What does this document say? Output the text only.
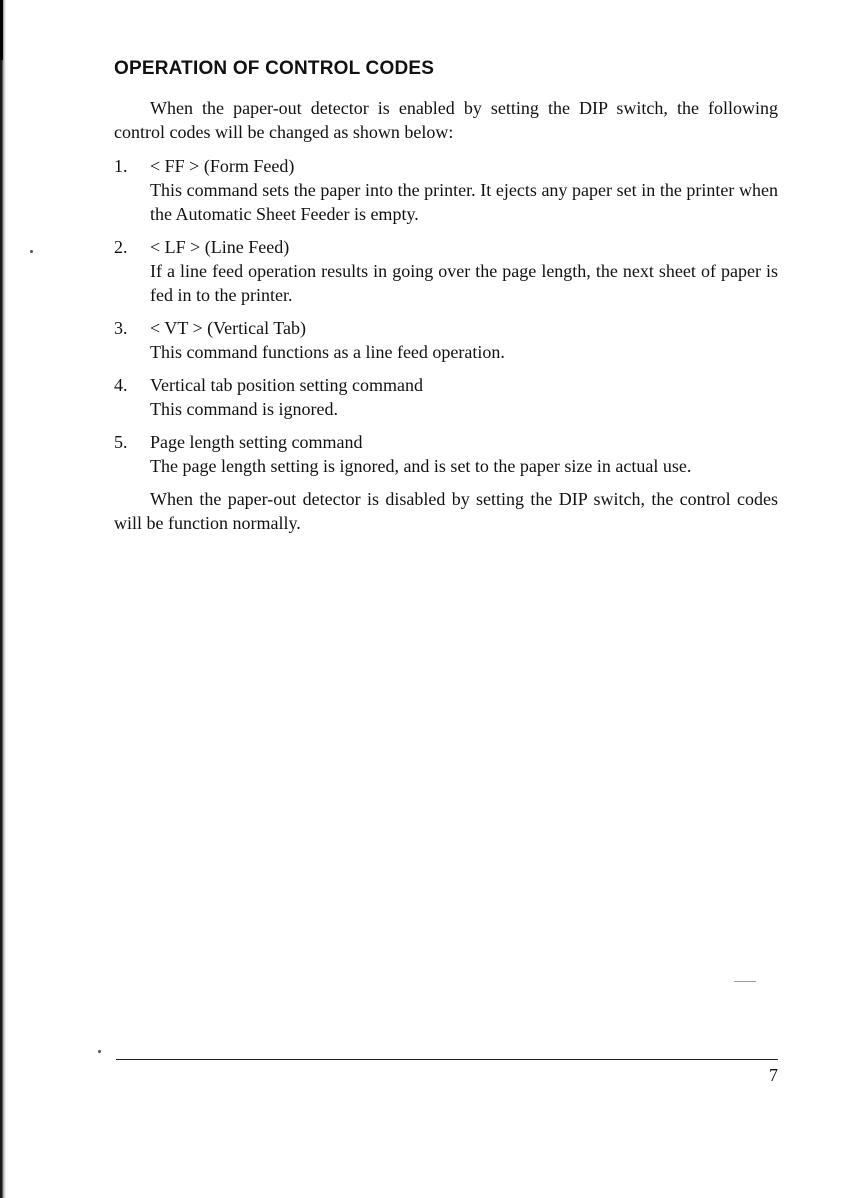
OPERATION OF CONTROL CODES

When the paper-out detector is enabled by setting the DIP switch, the following control codes will be changed as shown below:

1.	< FF > (Form Feed)
This command sets the paper into the printer. It ejects any paper set in the printer when the Automatic Sheet Feeder is empty.
2.	< LF > (Line Feed)
If a line feed operation results in going over the page length, the next sheet of paper is fed in to the printer.
3.	< VT > (Vertical Tab)
This command functions as a line feed operation.
4.	Vertical tab position setting command
This command is ignored.
5.	Page length setting command
The page length setting is ignored, and is set to the paper size in actual use.

When the paper-out detector is disabled by setting the DIP switch, the control codes will be function normally.

7
